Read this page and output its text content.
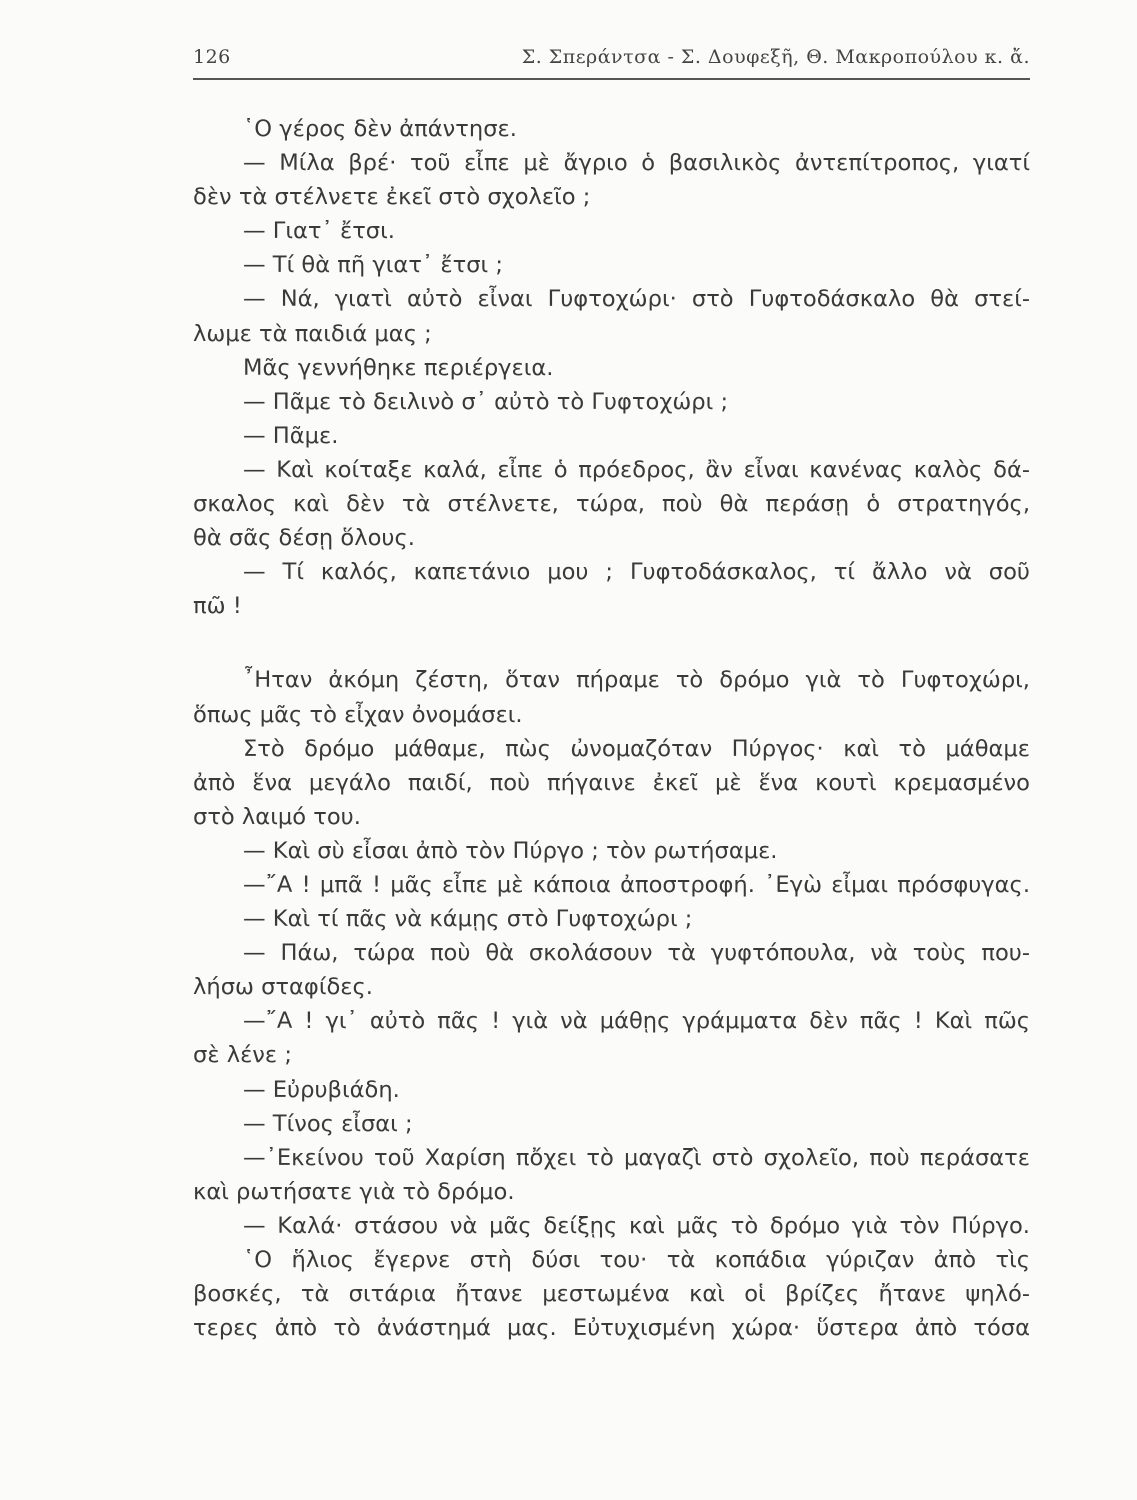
126	Σ. Σπεράντσα - Σ. Δουφεξῆ, Θ. Μακροπούλου κ. ἄ.
῾Ο γέρος δὲν ἀπάντησε.
— Μίλα βρέ· τοῦ εἶπε μὲ ἄγριο ὁ βασιλικὸς ἀντεπίτροπος, γιατί
δὲν τὰ στέλνετε ἐκεῖ στὸ σχολεῖο ;
— Γιατ᾿ ἔτσι.
— Τί θὰ πῆ γιατ᾿ ἔτσι ;
— Νά, γιατὶ αὐτὸ εἶναι Γυφτοχώρι· στὸ Γυφτοδάσκαλο θὰ στεί-
λωμε τὰ παιδιά μας ;
Μᾶς γεννήθηκε περιέργεια.
— Πᾶμε τὸ δειλινὸ σ᾿ αὐτὸ τὸ Γυφτοχώρι ;
— Πᾶμε.
— Καὶ κοίταξε καλά, εἶπε ὁ πρόεδρος, ἂν εἶναι κανένας καλὸς δά-
σκαλος καὶ δὲν τὰ στέλνετε, τώρα, ποὺ θὰ περάσῃ ὁ στρατηγός,
θὰ σᾶς δέσῃ ὅλους.
— Τί καλός, καπετάνιο μου ; Γυφτοδάσκαλος, τί ἄλλο νὰ σοῦ
πῶ !
῏Ηταν ἀκόμη ζέστη, ὅταν πήραμε τὸ δρόμο γιὰ τὸ Γυφτοχώρι,
ὅπως μᾶς τὸ εἶχαν ὀνομάσει.
Στὸ δρόμο μάθαμε, πὼς ὠνομαζόταν Πύργος· καὶ τὸ μάθαμε
ἀπὸ ἕνα μεγάλο παιδί, ποὺ πήγαινε ἐκεῖ μὲ ἕνα κουτὶ κρεμασμένο
στὸ λαιμό του.
— Καὶ σὺ εἶσαι ἀπὸ τὸν Πύργο ; τὸν ρωτήσαμε.
—῎Α ! μπᾶ ! μᾶς εἶπε μὲ κάποια ἀποστροφή. ᾿Εγὼ εἶμαι πρόσφυγας.
— Καὶ τί πᾶς νὰ κάμῃς στὸ Γυφτοχώρι ;
— Πάω, τώρα ποὺ θὰ σκολάσουν τὰ γυφτόπουλα, νὰ τοὺς που-
λήσω σταφίδες.
—῎Α ! γι᾿ αὐτὸ πᾶς ! γιὰ νὰ μάθῃς γράμματα δὲν πᾶς ! Καὶ πῶς
σὲ λένε ;
— Εὐρυβιάδη.
— Τίνος εἶσαι ;
—᾿Εκείνου τοῦ Χαρίση πὄχει τὸ μαγαζὶ στὸ σχολεῖο, ποὺ περάσατε
καὶ ρωτήσατε γιὰ τὸ δρόμο.
— Καλά· στάσου νὰ μᾶς δείξῃς καὶ μᾶς τὸ δρόμο γιὰ τὸν Πύργο.
῾Ο ἥλιος ἔγερνε στὴ δύσι του· τὰ κοπάδια γύριζαν ἀπὸ τὶς
βοσκές, τὰ σιτάρια ἤτανε μεστωμένα καὶ οἱ βρίζες ἤτανε ψηλό-
τερες ἀπὸ τὸ ἀνάστημά μας. Εὐτυχισμένη χώρα· ὕστερα ἀπὸ τόσα
